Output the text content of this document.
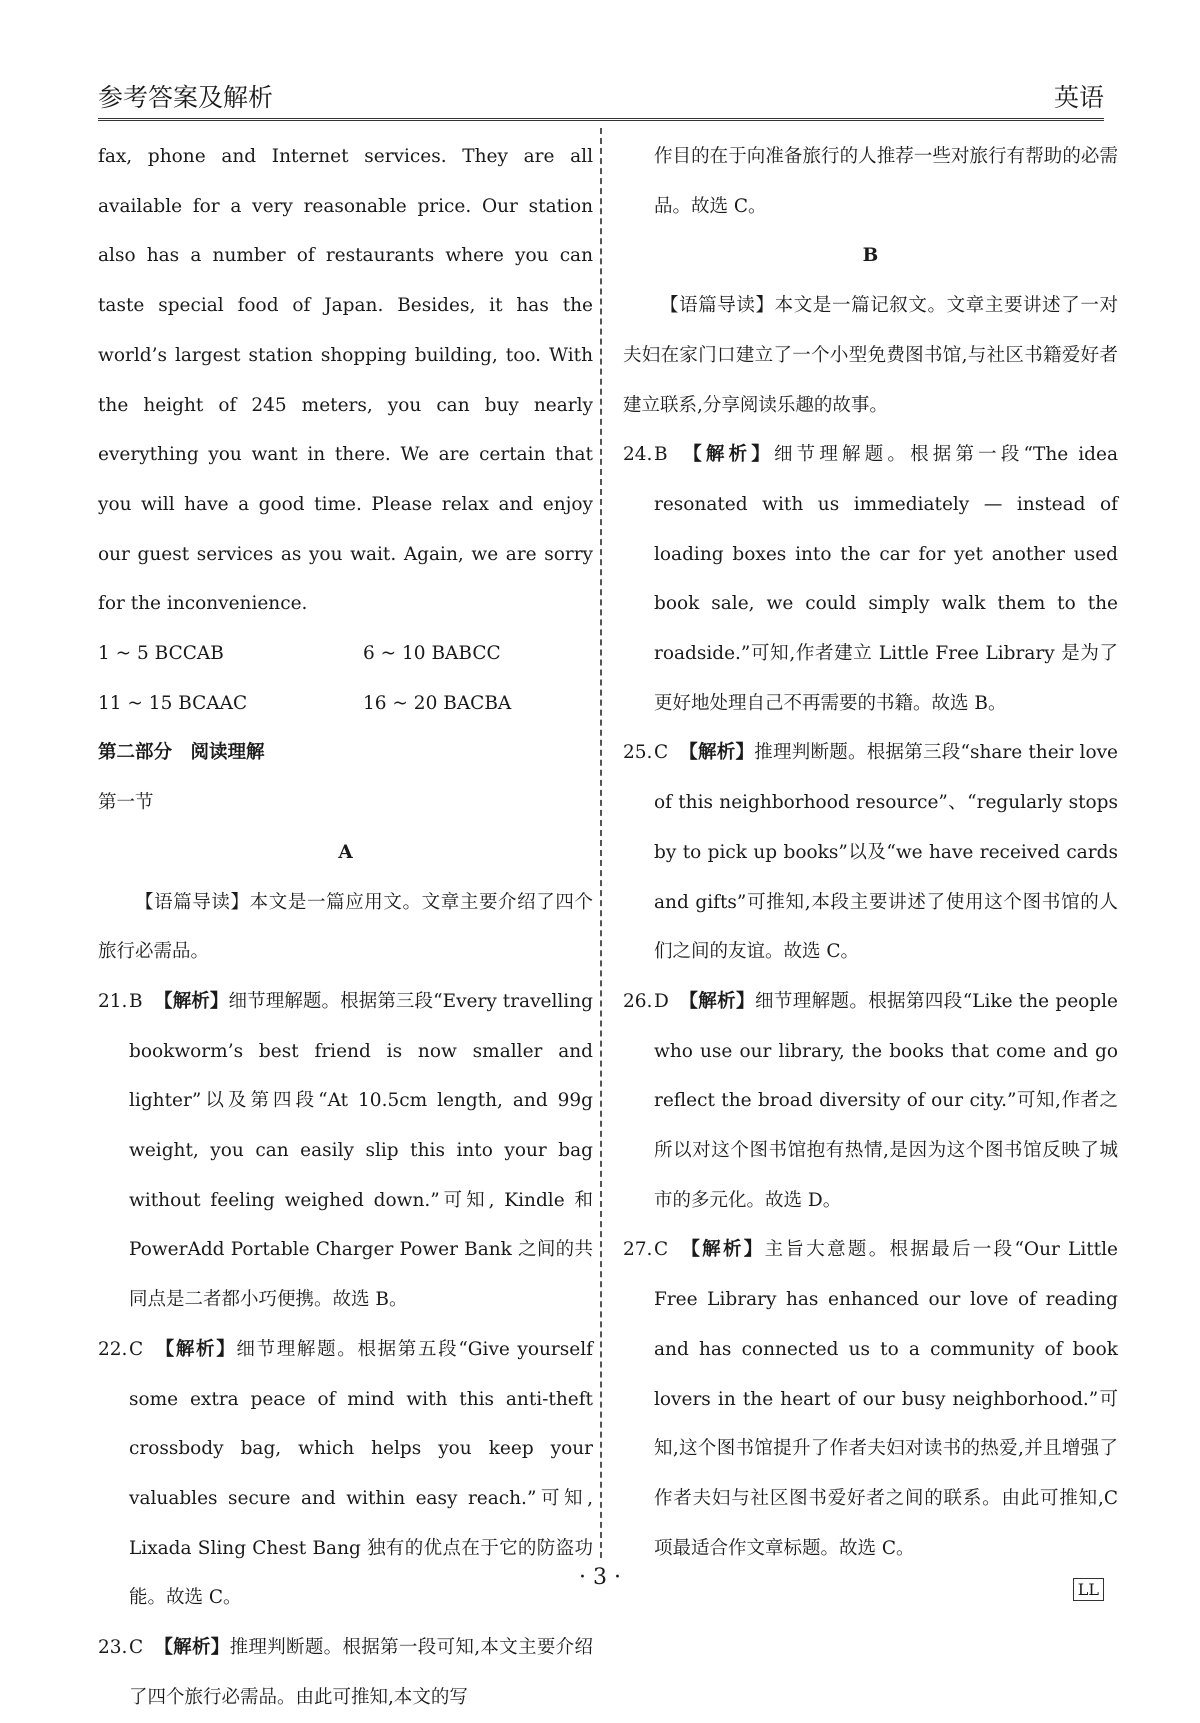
参考答案及解析	英语

fax, phone and Internet services. They are all available for a very reasonable price. Our station also has a number of restaurants where you can taste special food of Japan. Besides, it has the world’s largest station shopping building, too. With the height of 245 meters, you can buy nearly everything you want in there. We are certain that you will have a good time. Please relax and enjoy our guest services as you wait. Again, we are sorry for the inconvenience.

1 ~ 5 BCCAB	6 ~ 10 BABCC
11 ~ 15 BCAAC	16 ~ 20 BACBA

第二部分　阅读理解

第一节

A

【语篇导读】本文是一篇应用文。文章主要介绍了四个旅行必需品。

21. B 【解析】细节理解题。根据第三段“Every travelling bookworm’s best friend is now smaller and lighter”以及第四段“At 10.5cm length, and 99g weight, you can easily slip this into your bag without feeling weighed down.”可知, Kindle 和 PowerAdd Portable Charger Power Bank 之间的共同点是二者都小巧便携。故选 B。
22. C 【解析】细节理解题。根据第五段“Give yourself some extra peace of mind with this anti-theft crossbody bag, which helps you keep your valuables secure and within easy reach.”可知, Lixada Sling Chest Bang 独有的优点在于它的防盗功能。故选 C。
23. C 【解析】推理判断题。根据第一段可知,本文主要介绍了四个旅行必需品。由此可推知,本文的写
作目的在于向准备旅行的人推荐一些对旅行有帮助的必需品。故选 C。

B

【语篇导读】本文是一篇记叙文。文章主要讲述了一对夫妇在家门口建立了一个小型免费图书馆,与社区书籍爱好者建立联系,分享阅读乐趣的故事。

24. B 【解析】细节理解题。根据第一段“The idea resonated with us immediately — instead of loading boxes into the car for yet another used book sale, we could simply walk them to the roadside.”可知,作者建立 Little Free Library 是为了更好地处理自己不再需要的书籍。故选 B。
25. C 【解析】推理判断题。根据第三段“share their love of this neighborhood resource”、“regularly stops by to pick up books”以及“we have received cards and gifts”可推知,本段主要讲述了使用这个图书馆的人们之间的友谊。故选 C。
26. D 【解析】细节理解题。根据第四段“Like the people who use our library, the books that come and go reflect the broad diversity of our city.”可知,作者之所以对这个图书馆抱有热情,是因为这个图书馆反映了城市的多元化。故选 D。
27. C 【解析】主旨大意题。根据最后一段“Our Little Free Library has enhanced our love of reading and has connected us to a community of book lovers in the heart of our busy neighborhood.”可知,这个图书馆提升了作者夫妇对读书的热爱,并且增强了作者夫妇与社区图书爱好者之间的联系。由此可推知,C 项最适合作文章标题。故选 C。
· 3 ·	LL
